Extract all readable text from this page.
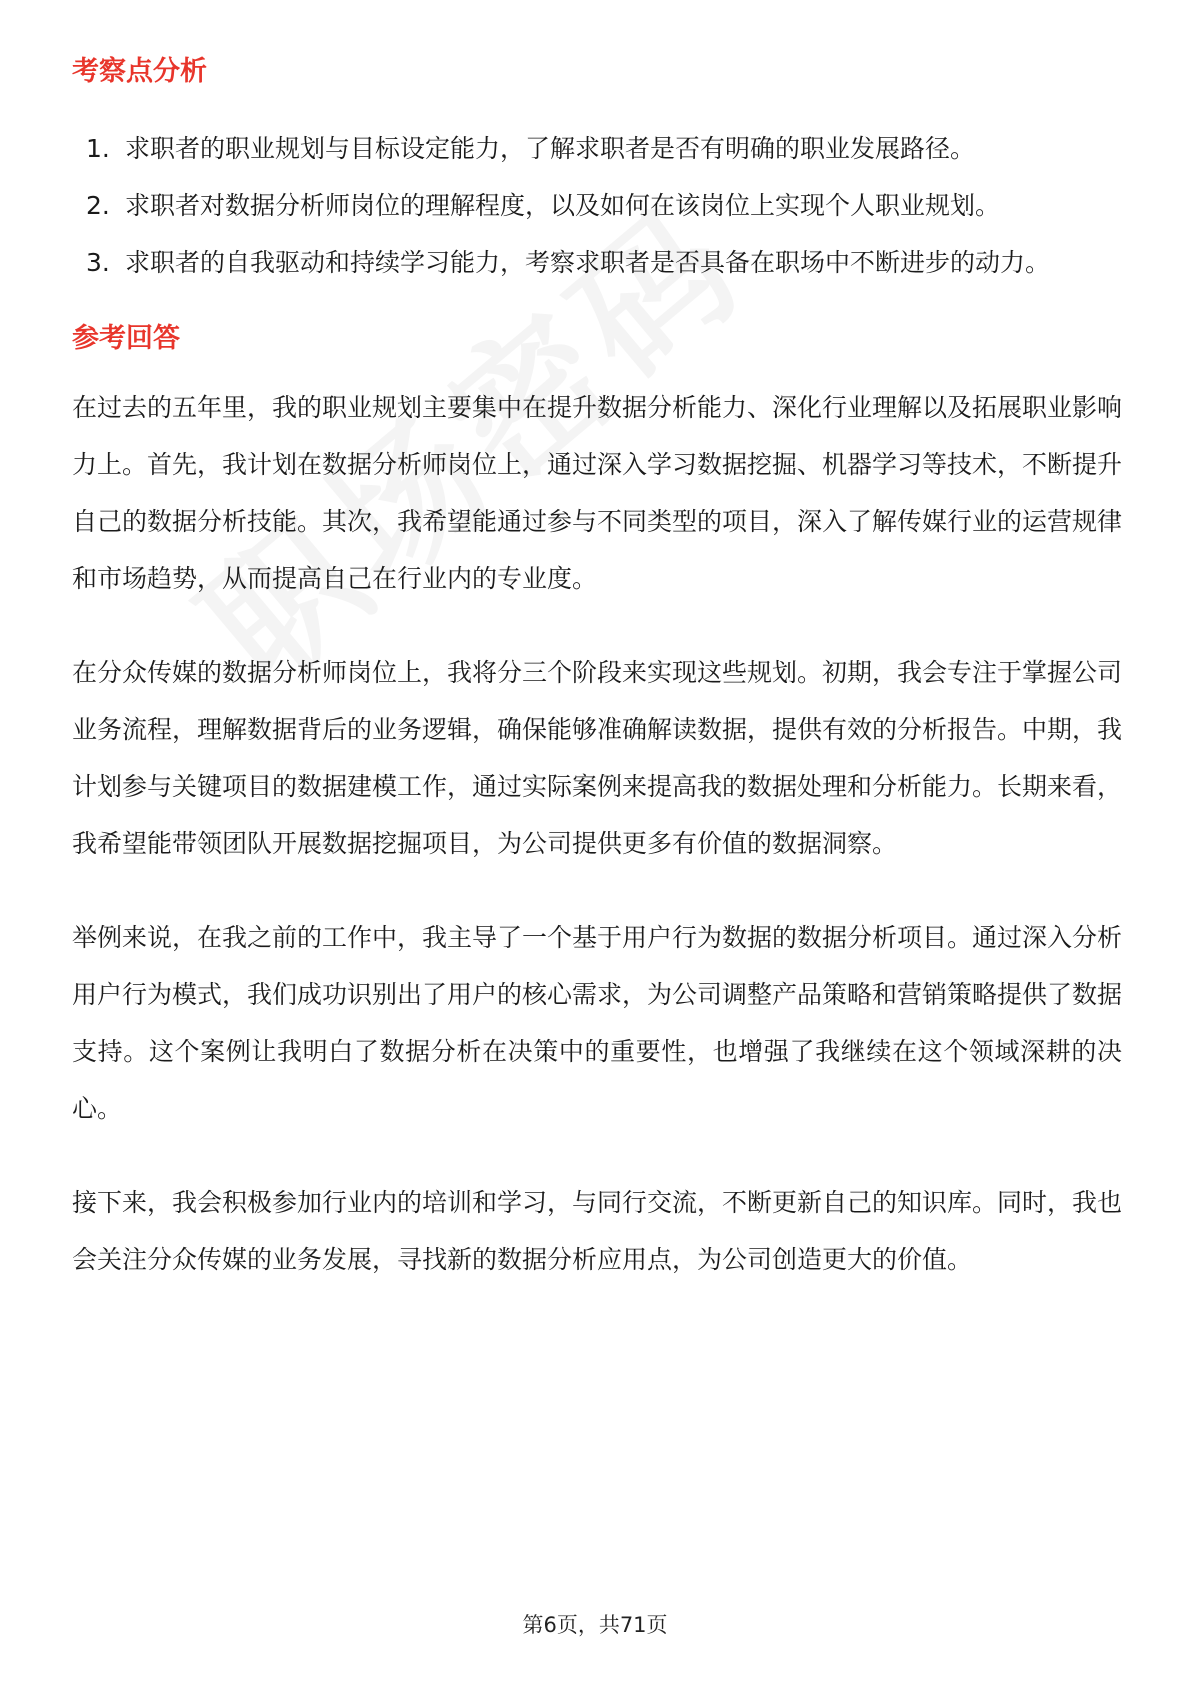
考察点分析
1. 求职者的职业规划与目标设定能力，了解求职者是否有明确的职业发展路径。
2. 求职者对数据分析师岗位的理解程度，以及如何在该岗位上实现个人职业规划。
3. 求职者的自我驱动和持续学习能力，考察求职者是否具备在职场中不断进步的动力。
参考回答

在过去的五年里，我的职业规划主要集中在提升数据分析能力、深化行业理解以及拓展职业影响力上。首先，我计划在数据分析师岗位上，通过深入学习数据挖掘、机器学习等技术，不断提升自己的数据分析技能。其次，我希望能通过参与不同类型的项目，深入了解传媒行业的运营规律和市场趋势，从而提高自己在行业内的专业度。

在分众传媒的数据分析师岗位上，我将分三个阶段来实现这些规划。初期，我会专注于掌握公司业务流程，理解数据背后的业务逻辑，确保能够准确解读数据，提供有效的分析报告。中期，我计划参与关键项目的数据建模工作，通过实际案例来提高我的数据处理和分析能力。长期来看，我希望能带领团队开展数据挖掘项目，为公司提供更多有价值的数据洞察。

举例来说，在我之前的工作中，我主导了一个基于用户行为数据的数据分析项目。通过深入分析用户行为模式，我们成功识别出了用户的核心需求，为公司调整产品策略和营销策略提供了数据支持。这个案例让我明白了数据分析在决策中的重要性，也增强了我继续在这个领域深耕的决心。

接下来，我会积极参加行业内的培训和学习，与同行交流，不断更新自己的知识库。同时，我也会关注分众传媒的业务发展，寻找新的数据分析应用点，为公司创造更大的价值。

第6页，共71页
